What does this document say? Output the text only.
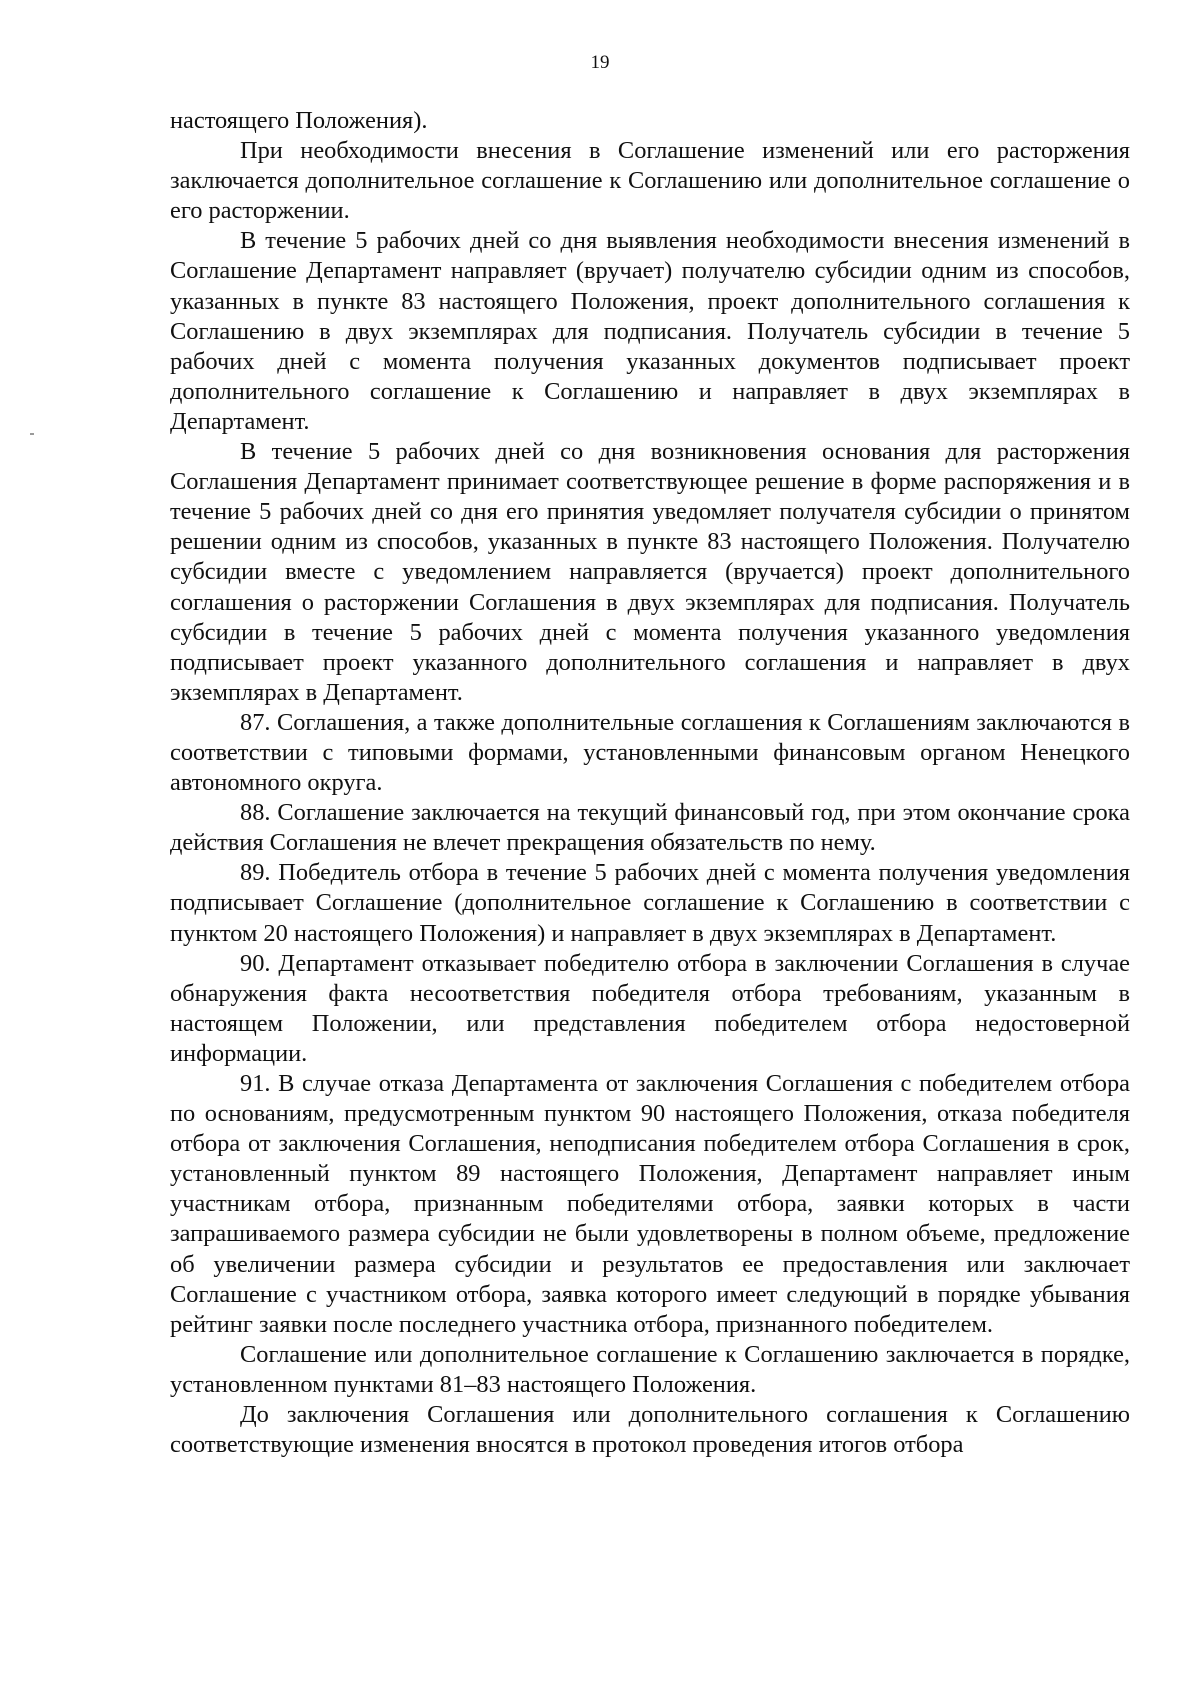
19

настоящего Положения).

При необходимости внесения в Соглашение изменений или его расторжения заключается дополнительное соглашение к Соглашению или дополнительное соглашение о его расторжении.

В течение 5 рабочих дней со дня выявления необходимости внесения изменений в Соглашение Департамент направляет (вручает) получателю субсидии одним из способов, указанных в пункте 83 настоящего Положения, проект дополнительного соглашения к Соглашению в двух экземплярах для подписания. Получатель субсидии в течение 5 рабочих дней с момента получения указанных документов подписывает проект дополнительного соглашение к Соглашению и направляет в двух экземплярах в Департамент.

В течение 5 рабочих дней со дня возникновения основания для расторжения Соглашения Департамент принимает соответствующее решение в форме распоряжения и в течение 5 рабочих дней со дня его принятия уведомляет получателя субсидии о принятом решении одним из способов, указанных в пункте 83 настоящего Положения. Получателю субсидии вместе с уведомлением направляется (вручается) проект дополнительного соглашения о расторжении Соглашения в двух экземплярах для подписания. Получатель субсидии в течение 5 рабочих дней с момента получения указанного уведомления подписывает проект указанного дополнительного соглашения и направляет в двух экземплярах в Департамент.

87. Соглашения, а также дополнительные соглашения к Соглашениям заключаются в соответствии с типовыми формами, установленными финансовым органом Ненецкого автономного округа.

88. Соглашение заключается на текущий финансовый год, при этом окончание срока действия Соглашения не влечет прекращения обязательств по нему.

89. Победитель отбора в течение 5 рабочих дней с момента получения уведомления подписывает Соглашение (дополнительное соглашение к Соглашению в соответствии с пунктом 20 настоящего Положения) и направляет в двух экземплярах в Департамент.

90. Департамент отказывает победителю отбора в заключении Соглашения в случае обнаружения факта несоответствия победителя отбора требованиям, указанным в настоящем Положении, или представления победителем отбора недостоверной информации.

91. В случае отказа Департамента от заключения Соглашения с победителем отбора по основаниям, предусмотренным пунктом 90 настоящего Положения, отказа победителя отбора от заключения Соглашения, неподписания победителем отбора Соглашения в срок, установленный пунктом 89 настоящего Положения, Департамент направляет иным участникам отбора, признанным победителями отбора, заявки которых в части запрашиваемого размера субсидии не были удовлетворены в полном объеме, предложение об увеличении размера субсидии и результатов ее предоставления или заключает Соглашение с участником отбора, заявка которого имеет следующий в порядке убывания рейтинг заявки после последнего участника отбора, признанного победителем.

Соглашение или дополнительное соглашение к Соглашению заключается в порядке, установленном пунктами 81–83 настоящего Положения.

До заключения Соглашения или дополнительного соглашения к Соглашению соответствующие изменения вносятся в протокол проведения итогов отбора
